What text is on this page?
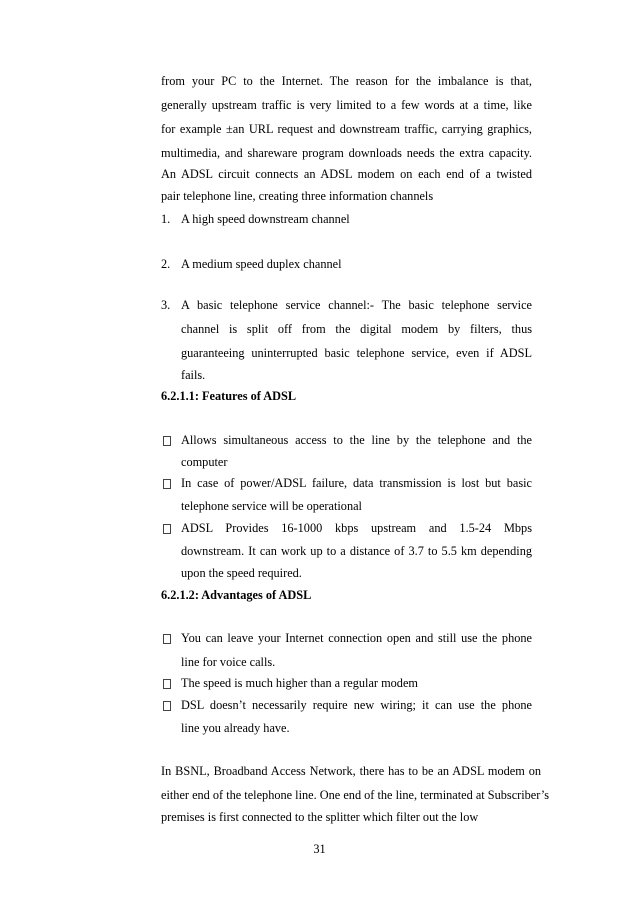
from your PC to the Internet. The reason for the imbalance is that,
generally upstream traffic is very limited to a few words at a time, like
for example ±an URL request and downstream traffic, carrying graphics,
multimedia, and shareware program downloads needs the extra capacity.
An ADSL circuit connects an ADSL modem on each end of a twisted
pair telephone line, creating three information channels
1. A high speed downstream channel
2. A medium speed duplex channel
3. A basic telephone service channel:- The basic telephone service
channel is split off from the digital modem by filters, thus
guaranteeing uninterrupted basic telephone service, even if ADSL
fails.
6.2.1.1: Features of ADSL
Allows simultaneous access to the line by the telephone and the
computer
In case of power/ADSL failure, data transmission is lost but basic
telephone service will be operational
ADSL Provides 16-1000 kbps upstream and 1.5-24 Mbps
downstream. It can work up to a distance of 3.7 to 5.5 km depending
upon the speed required.
6.2.1.2: Advantages of ADSL
You can leave your Internet connection open and still use the phone
line for voice calls.
The speed is much higher than a regular modem
DSL doesn’t necessarily require new wiring; it can use the phone
line you already have.
In BSNL, Broadband Access Network, there has to be an ADSL modem on
either end of the telephone line. One end of the line, terminated at Subscriber’s
premises is first connected to the splitter which filter out the low
31
